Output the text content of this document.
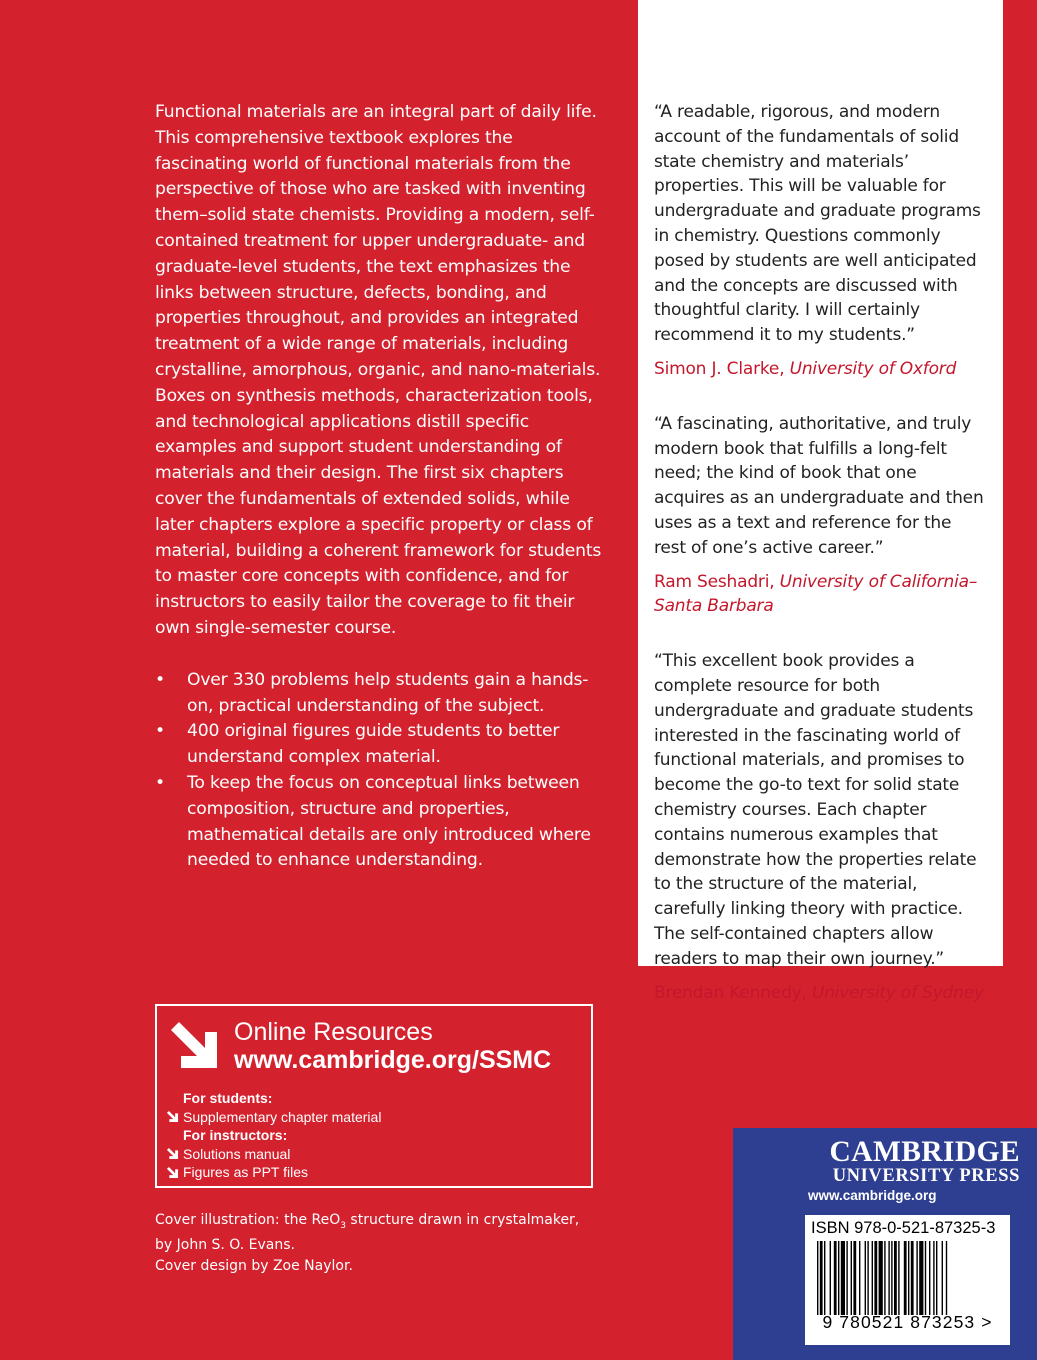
Functional materials are an integral part of daily life. This comprehensive textbook explores the fascinating world of functional materials from the perspective of those who are tasked with inventing them–solid state chemists. Providing a modern, self-contained treatment for upper undergraduate- and graduate-level students, the text emphasizes the links between structure, defects, bonding, and properties throughout, and provides an integrated treatment of a wide range of materials, including crystalline, amorphous, organic, and nano-materials. Boxes on synthesis methods, characterization tools, and technological applications distill specific examples and support student understanding of materials and their design. The first six chapters cover the fundamentals of extended solids, while later chapters explore a specific property or class of material, building a coherent framework for students to master core concepts with confidence, and for instructors to easily tailor the coverage to fit their own single-semester course.

• Over 330 problems help students gain a hands-on, practical understanding of the subject.
• 400 original figures guide students to better understand complex material.
• To keep the focus on conceptual links between composition, structure and properties, mathematical details are only introduced where needed to enhance understanding.

“A readable, rigorous, and modern account of the fundamentals of solid state chemistry and materials’ properties. This will be valuable for undergraduate and graduate programs in chemistry. Questions commonly posed by students are well anticipated and the concepts are discussed with thoughtful clarity. I will certainly recommend it to my students.”

Simon J. Clarke, University of Oxford

“A fascinating, authoritative, and truly modern book that fulfills a long-felt need; the kind of book that one acquires as an undergraduate and then uses as a text and reference for the rest of one’s active career.”

Ram Seshadri, University of California–Santa Barbara

“This excellent book provides a complete resource for both undergraduate and graduate students interested in the fascinating world of functional materials, and promises to become the go-to text for solid state chemistry courses. Each chapter contains numerous examples that demonstrate how the properties relate to the structure of the material, carefully linking theory with practice. The self-contained chapters allow readers to map their own journey.”

Brendan Kennedy, University of Sydney
Online Resources
www.cambridge.org/SSMC
For students:
Supplementary chapter material
For instructors:
Solutions manual
Figures as PPT files
Cover illustration: the ReO$_3$ structure drawn in crystalmaker,
by John S. O. Evans.
Cover design by Zoe Naylor.
CAMBRIDGE
UNIVERSITY PRESS
www.cambridge.org
ISBN 978-0-521-87325-3
9 780521 873253 >
